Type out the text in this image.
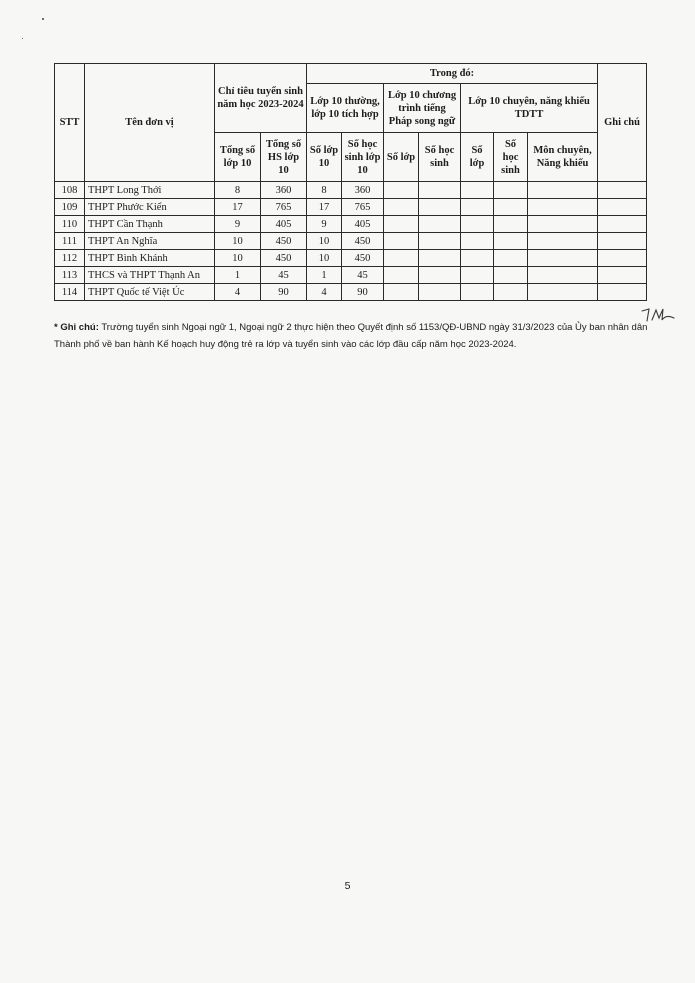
STT	Tên đơn vị	Chỉ tiêu tuyển sinh năm học 2023-2024		Trong đó:							Ghi chú
				Lớp 10 thường, lớp 10 tích hợp		Lớp 10 chương trình tiếng Pháp song ngữ		Lớp 10 chuyên, năng khiếu TDTT			
		Tổng số lớp 10	Tổng số HS lớp 10	Số lớp 10	Số học sinh lớp 10	Số lớp	Số học sinh	Số lớp	Số học sinh	Môn chuyên, Năng khiếu	
108	THPT Long Thới	8	360	8	360						
109	THPT Phước Kiển	17	765	17	765						
110	THPT Cần Thạnh	9	405	9	405						
111	THPT An Nghĩa	10	450	10	450						
112	THPT Bình Khánh	10	450	10	450						
113	THCS và THPT Thạnh An	1	45	1	45						
114	THPT Quốc tế Việt Úc	4	90	4	90						
* Ghi chú: Trường tuyển sinh Ngoại ngữ 1, Ngoại ngữ 2 thực hiện theo Quyết định số 1153/QĐ-UBND ngày 31/3/2023 của Ủy ban nhân dân Thành phố về ban hành Kế hoạch huy động trẻ ra lớp và tuyển sinh vào các lớp đầu cấp năm học 2023-2024.
5
